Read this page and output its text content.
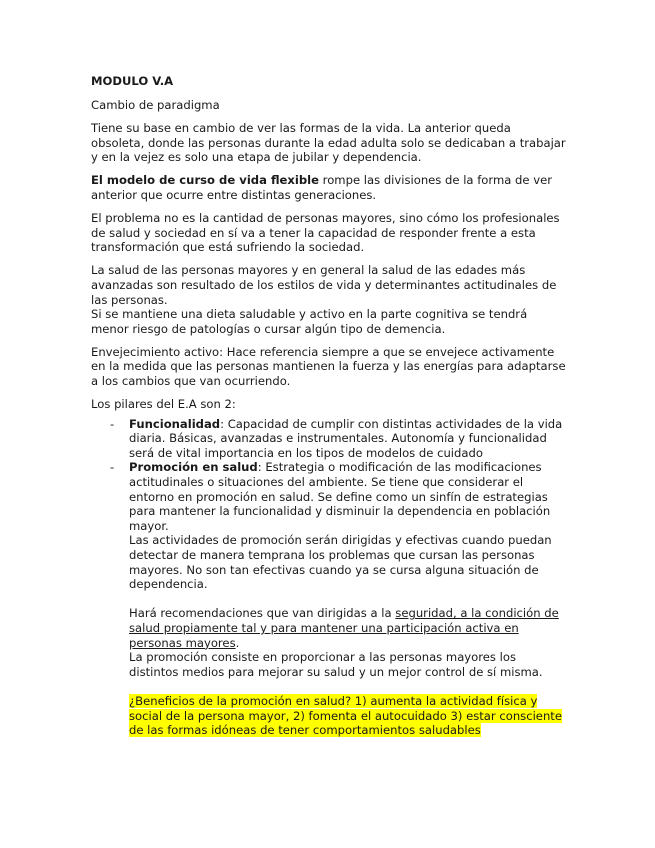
MODULO V.A

Cambio de paradigma

Tiene su base en cambio de ver las formas de la vida. La anterior queda obsoleta, donde las personas durante la edad adulta solo se dedicaban a trabajar y en la vejez es solo una etapa de jubilar y dependencia.

El modelo de curso de vida flexible rompe las divisiones de la forma de ver anterior que ocurre entre distintas generaciones.

El problema no es la cantidad de personas mayores, sino cómo los profesionales de salud y sociedad en sí va a tener la capacidad de responder frente a esta transformación que está sufriendo la sociedad.

La salud de las personas mayores y en general la salud de las edades más avanzadas son resultado de los estilos de vida y determinantes actitudinales de las personas.
Si se mantiene una dieta saludable y activo en la parte cognitiva se tendrá menor riesgo de patologías o cursar algún tipo de demencia.

Envejecimiento activo: Hace referencia siempre a que se envejece activamente en la medida que las personas mantienen la fuerza y las energías para adaptarse a los cambios que van ocurriendo.

Los pilares del E.A son 2:

- Funcionalidad: Capacidad de cumplir con distintas actividades de la vida diaria. Básicas, avanzadas e instrumentales. Autonomía y funcionalidad será de vital importancia en los tipos de modelos de cuidado
- Promoción en salud: Estrategia o modificación de las modificaciones actitudinales o situaciones del ambiente. Se tiene que considerar el entorno en promoción en salud. Se define como un sinfín de estrategias para mantener la funcionalidad y disminuir la dependencia en población mayor.
Las actividades de promoción serán dirigidas y efectivas cuando puedan detectar de manera temprana los problemas que cursan las personas mayores. No son tan efectivas cuando ya se cursa alguna situación de dependencia.
Hará recomendaciones que van dirigidas a la seguridad, a la condición de salud propiamente tal y para mantener una participación activa en personas mayores.
La promoción consiste en proporcionar a las personas mayores los distintos medios para mejorar su salud y un mejor control de sí misma.
¿Beneficios de la promoción en salud? 1) aumenta la actividad física y social de la persona mayor, 2) fomenta el autocuidado 3) estar consciente de las formas idóneas de tener comportamientos saludables
